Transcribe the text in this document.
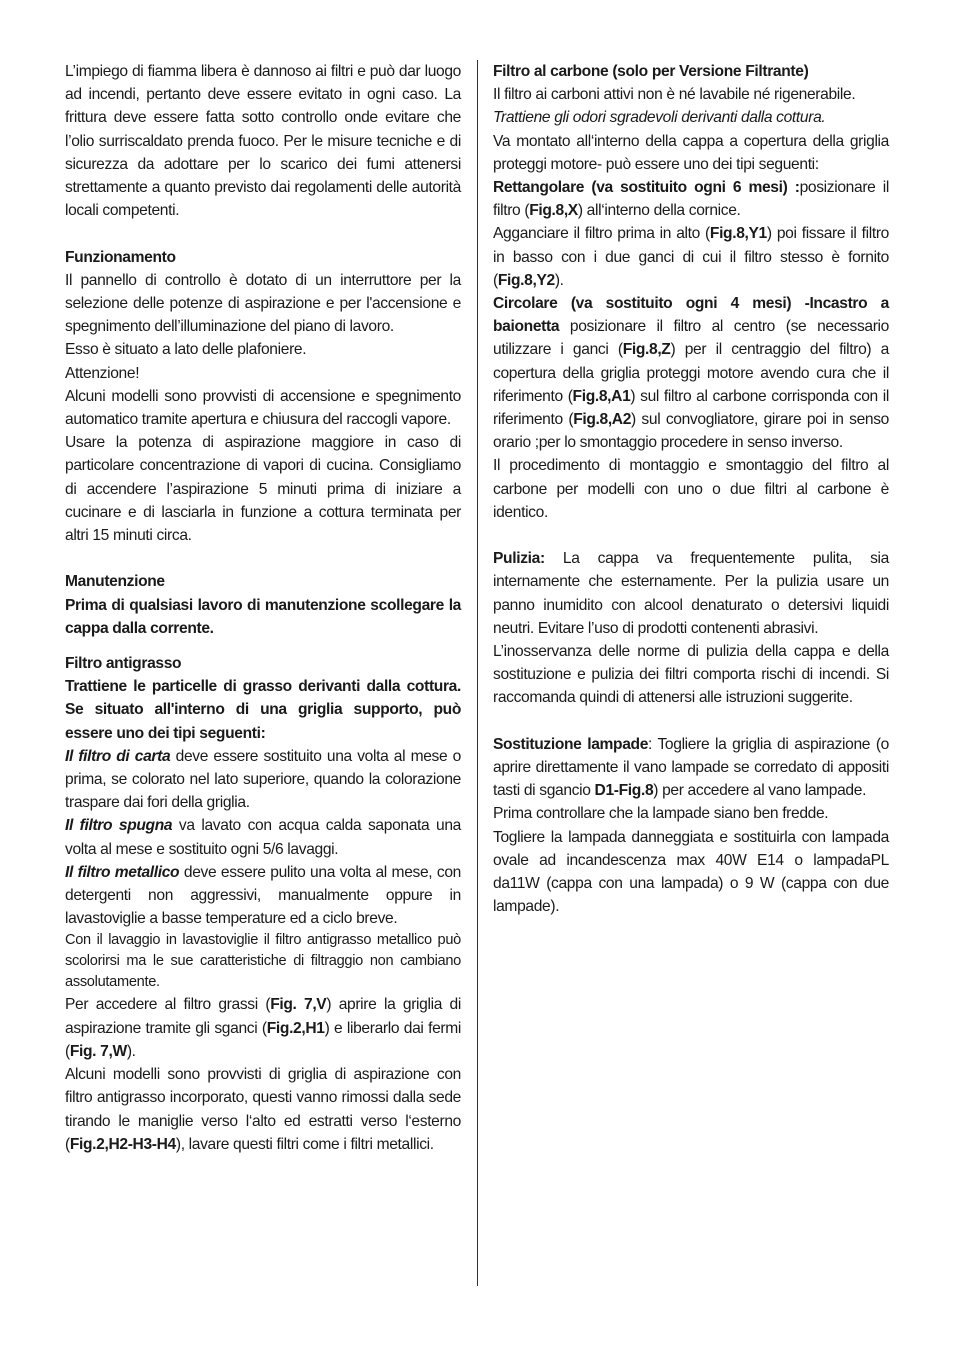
L’impiego di fiamma libera è dannoso ai filtri e può dar luogo ad incendi, pertanto deve essere evitato in ogni caso. La frittura deve essere fatta sotto controllo onde evitare che l’olio surriscaldato prenda fuoco. Per le misure tecniche e di sicurezza da adottare per lo scarico dei fumi attenersi strettamente a quanto previsto dai regolamenti delle autorità locali competenti.

Funzionamento

Il pannello di controllo è dotato di un interruttore per la selezione delle potenze di aspirazione e per l'accensione e spegnimento dell’illuminazione del piano di lavoro.

Esso è situato a lato delle plafoniere.

Attenzione!

Alcuni modelli sono provvisti di accensione e spegnimento automatico tramite apertura e chiusura del raccogli vapore.

Usare la potenza di aspirazione maggiore in caso di particolare concentrazione di vapori di cucina. Consigliamo di accendere l’aspirazione 5 minuti prima di iniziare a cucinare e di lasciarla in funzione a cottura terminata per altri 15 minuti circa.

Manutenzione

Prima di qualsiasi lavoro di manutenzione scollegare la cappa dalla corrente.

Filtro antigrasso

Trattiene le particelle di grasso derivanti dalla cottura. Se situato all'interno di una griglia supporto, può essere uno dei tipi seguenti:

Il filtro di carta deve essere sostituito una volta al mese o prima, se colorato nel lato superiore, quando la colorazione traspare dai fori della griglia.

Il filtro spugna va lavato con acqua calda saponata una volta al mese e sostituito ogni 5/6 lavaggi.

Il filtro metallico deve essere pulito una volta al mese, con detergenti non aggressivi, manualmente oppure in lavastoviglie a basse temperature ed a ciclo breve.

Con il lavaggio in lavastoviglie il filtro antigrasso metallico può scolorirsi ma le sue caratteristiche di filtraggio non cambiano assolutamente.

Per accedere al filtro grassi (Fig. 7,V) aprire la griglia di aspirazione tramite gli sganci (Fig.2,H1) e liberarlo dai fermi (Fig. 7,W).

Alcuni modelli sono provvisti di griglia di aspirazione con filtro antigrasso incorporato, questi vanno rimossi dalla sede tirando le maniglie verso l‘alto ed estratti verso l‘esterno (Fig.2,H2-H3-H4), lavare questi filtri come i filtri metallici.

Filtro al carbone (solo per Versione Filtrante)

Il filtro ai carboni attivi non è né lavabile né rigenerabile.

Trattiene gli odori sgradevoli derivanti dalla cottura.

Va montato all‘interno della cappa a copertura della griglia proteggi motore- può essere uno dei tipi seguenti:

Rettangolare (va sostituito ogni 6 mesi) :posizionare il filtro (Fig.8,X) all‘interno della cornice.

Agganciare il filtro prima in alto (Fig.8,Y1) poi fissare il filtro in basso con i due ganci di cui il filtro stesso è fornito (Fig.8,Y2).

Circolare (va sostituito ogni 4 mesi) -Incastro a baionetta posizionare il filtro al centro (se necessario utilizzare i ganci (Fig.8,Z) per il centraggio del filtro) a copertura della griglia proteggi motore avendo cura che il riferimento (Fig.8,A1) sul filtro al carbone corrisponda con il riferimento (Fig.8,A2) sul convogliatore, girare poi in senso orario ;per lo smontaggio procedere in senso inverso.

Il procedimento di montaggio e smontaggio del filtro al carbone per modelli con uno o due filtri al carbone è identico.

Pulizia: La cappa va frequentemente pulita, sia internamente che esternamente. Per la pulizia usare un panno inumidito con alcool denaturato o detersivi liquidi neutri. Evitare l’uso di prodotti contenenti abrasivi.

L’inosservanza delle norme di pulizia della cappa e della sostituzione e pulizia dei filtri comporta rischi di incendi. Si raccomanda quindi di attenersi alle istruzioni suggerite.

Sostituzione lampade: Togliere la griglia di aspirazione (o aprire direttamente il vano lampade se corredato di appositi tasti di sgancio D1-Fig.8) per accedere al vano lampade.

Prima controllare che la lampade siano ben fredde.

Togliere la lampada danneggiata e sostituirla con lampada ovale ad incandescenza max 40W E14 o lampadaPL da11W (cappa con una lampada) o 9 W (cappa con due lampade).
